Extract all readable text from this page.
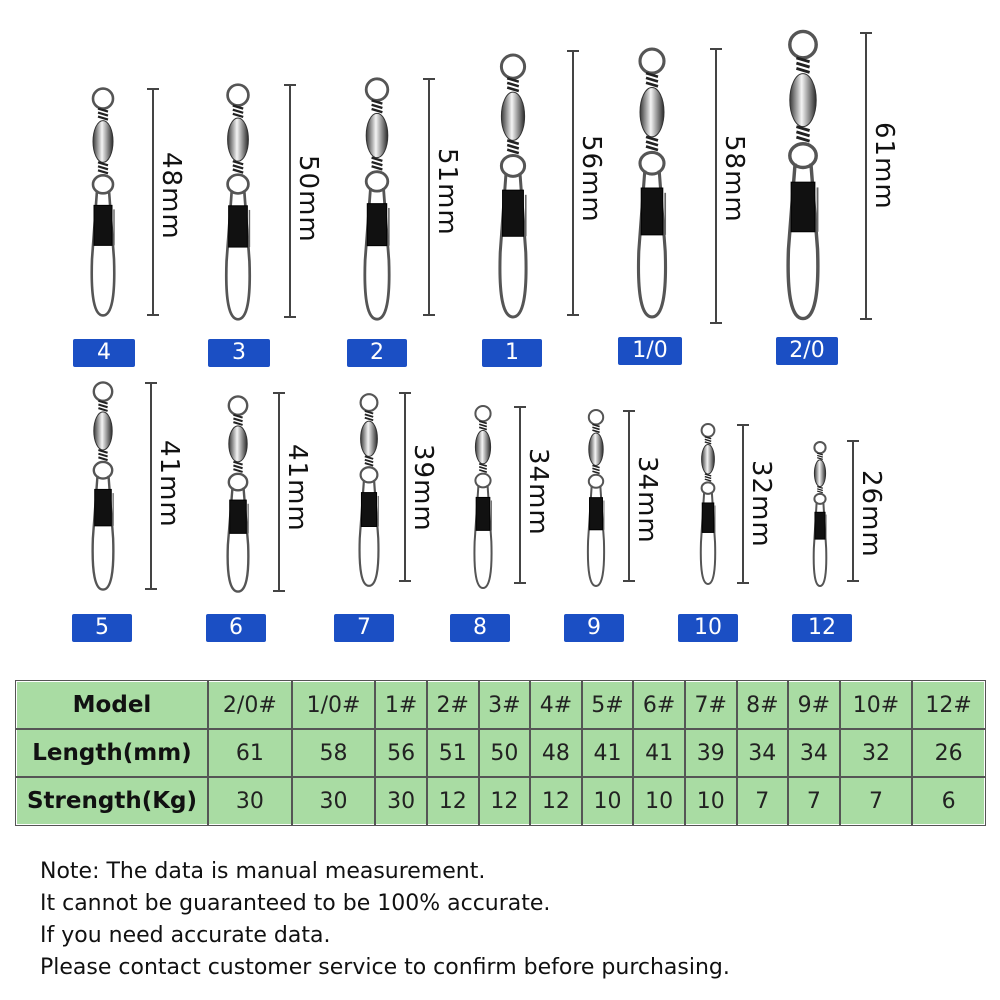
48mm
4
50mm
3
51mm
2
56mm
1
58mm
1/0
61mm
2/0
41mm
5
41mm
6
39mm
7
34mm
8
34mm
9
32mm
10
26mm
12
Model	2/0#	1/0#	1#	2#	3#	4#	5#	6#	7#	8#	9#	10#	12#
Length(mm)	61	58	56	51	50	48	41	41	39	34	34	32	26
Strength(Kg)	30	30	30	12	12	12	10	10	10	7	7	7	6
Note: The data is manual measurement.
It cannot be guaranteed to be 100% accurate.
If you need accurate data.
Please contact customer service to confirm before purchasing.
